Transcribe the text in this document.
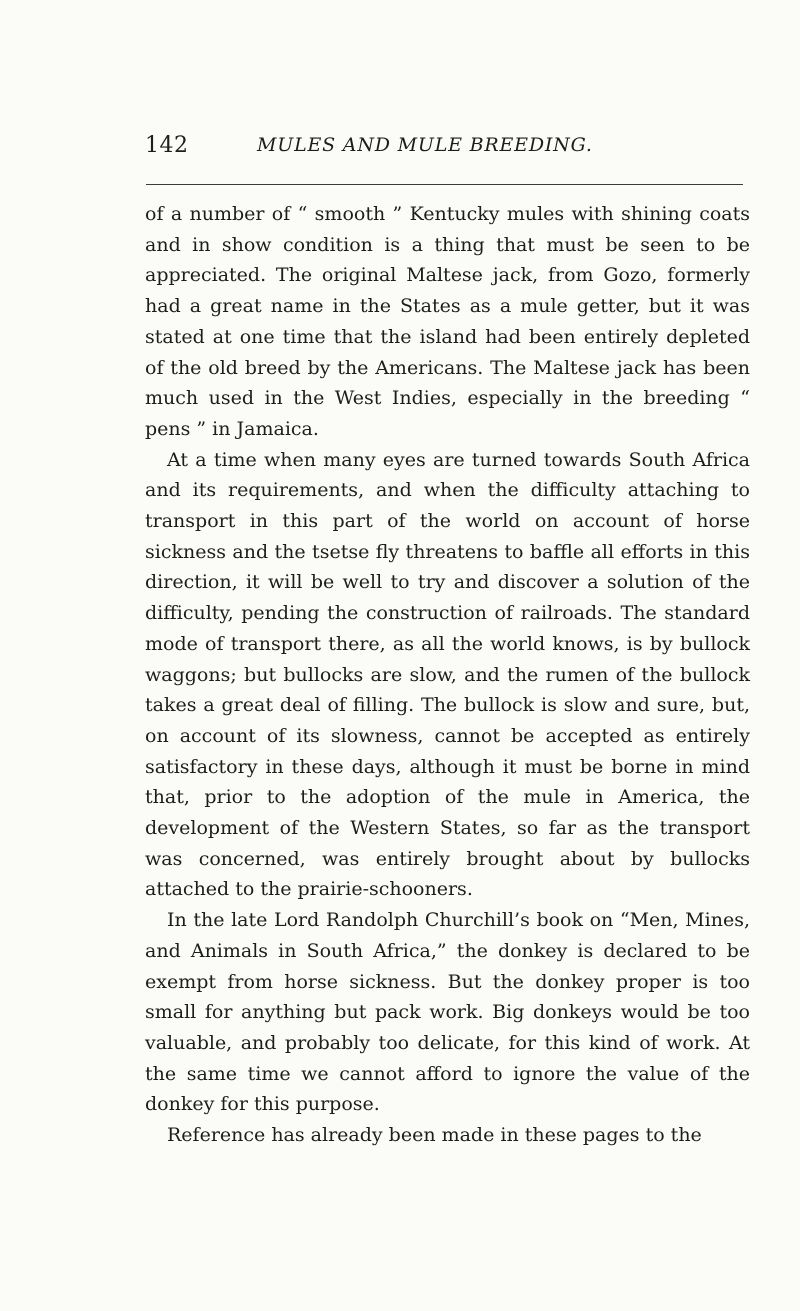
142	MULES AND MULE BREEDING.

of a number of “ smooth ” Kentucky mules with shining coats and in show condition is a thing that must be seen to be appreciated. The original Maltese jack, from Gozo, formerly had a great name in the States as a mule getter, but it was stated at one time that the island had been entirely depleted of the old breed by the Americans. The Maltese jack has been much used in the West Indies, especially in the breeding “ pens ” in Jamaica.

At a time when many eyes are turned towards South Africa and its requirements, and when the difficulty attaching to transport in this part of the world on account of horse sickness and the tsetse fly threatens to baffle all efforts in this direction, it will be well to try and discover a solution of the difficulty, pending the construction of railroads. The standard mode of transport there, as all the world knows, is by bullock waggons; but bullocks are slow, and the rumen of the bullock takes a great deal of filling. The bullock is slow and sure, but, on account of its slowness, cannot be accepted as entirely satisfactory in these days, although it must be borne in mind that, prior to the adoption of the mule in America, the development of the Western States, so far as the transport was concerned, was entirely brought about by bullocks attached to the prairie-schooners.

In the late Lord Randolph Churchill’s book on “Men, Mines, and Animals in South Africa,” the donkey is declared to be exempt from horse sickness. But the donkey proper is too small for anything but pack work. Big donkeys would be too valuable, and probably too delicate, for this kind of work. At the same time we cannot afford to ignore the value of the donkey for this purpose.

Reference has already been made in these pages to the
